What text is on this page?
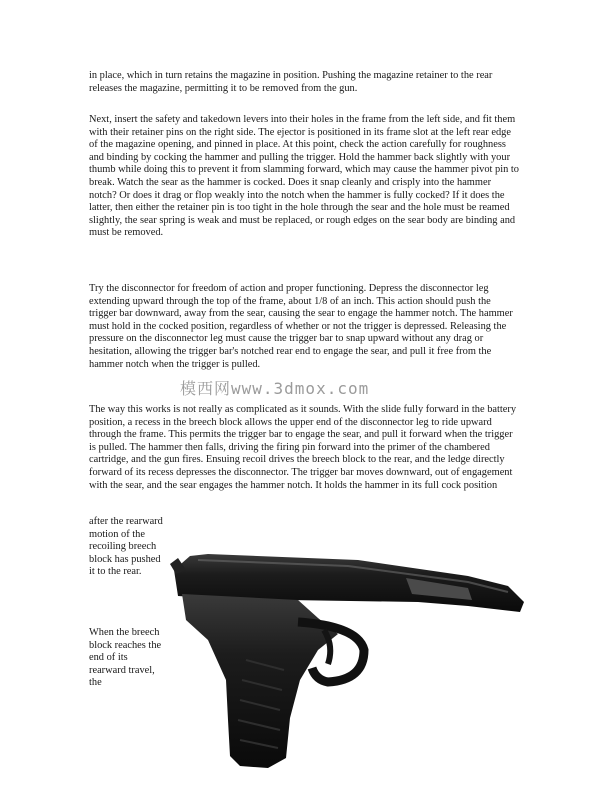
in place, which in turn retains the magazine in position. Pushing the magazine retainer to the rear releases the magazine, permitting it to be removed from the gun.

Next, insert the safety and takedown levers into their holes in the frame from the left side, and fit them with their retainer pins on the right side. The ejector is positioned in its frame slot at the left rear edge of the magazine opening, and pinned in place. At this point, check the action carefully for roughness and binding by cocking the hammer and pulling the trigger. Hold the hammer back slightly with your thumb while doing this to prevent it from slamming forward, which may cause the hammer pivot pin to break. Watch the sear as the hammer is cocked. Does it snap cleanly and crisply into the hammer notch? Or does it drag or flop weakly into the notch when the hammer is fully cocked? If it does the latter, then either the retainer pin is too tight in the hole through the sear and the hole must be reamed slightly, the sear spring is weak and must be replaced, or rough edges on the sear body are binding and must be removed.

Try the disconnector for freedom of action and proper functioning. Depress the disconnector leg extending upward through the top of the frame, about 1/8 of an inch. This action should push the trigger bar downward, away from the sear, causing the sear to engage the hammer notch. The hammer must hold in the cocked position, regardless of whether or not the trigger is depressed. Releasing the pressure on the disconnector leg must cause the trigger bar to snap upward without any drag or hesitation, allowing the trigger bar's notched rear end to engage the sear, and pull it free from the hammer notch when the trigger is pulled.

The way this works is not really as complicated as it sounds. With the slide fully forward in the battery position, a recess in the breech block allows the upper end of the disconnector leg to ride upward through the frame. This permits the trigger bar to engage the sear, and pull it forward when the trigger is pulled. The hammer then falls, driving the firing pin forward into the primer of the chambered cartridge, and the gun fires. Ensuing recoil drives the breech block to the rear, and the ledge directly forward of its recess depresses the disconnector. The trigger bar moves downward, out of engagement with the sear, and the sear engages the hammer notch. It holds the hammer in its full cock position

after the rearward motion of the recoiling breech block has pushed it to the rear.

When the breech block reaches the end of its rearward travel, the

模西网www.3dmox.com
